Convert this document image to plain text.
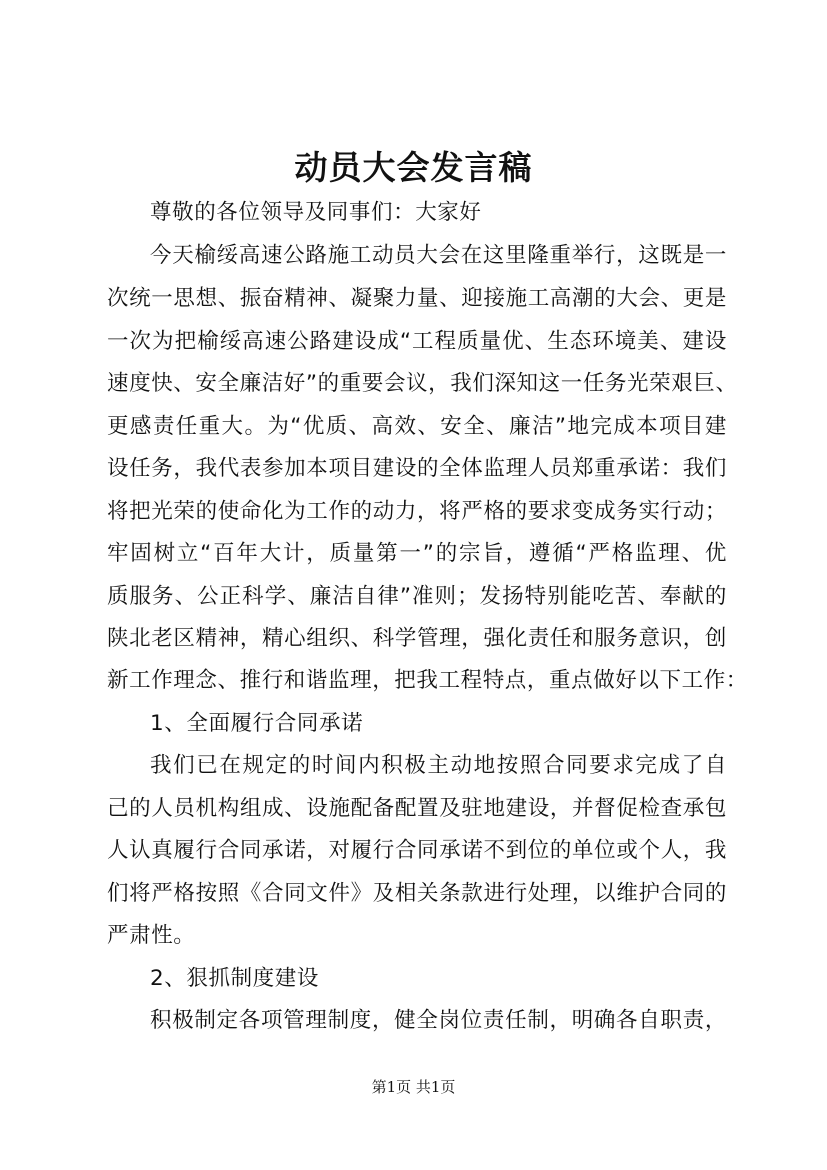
动员大会发言稿
尊敬的各位领导及同事们：大家好
今天榆绥高速公路施工动员大会在这里隆重举行，这既是一
次统一思想、振奋精神、凝聚力量、迎接施工高潮的大会、更是
一次为把榆绥高速公路建设成“工程质量优、生态环境美、建设
速度快、安全廉洁好”的重要会议，我们深知这一任务光荣艰巨、
更感责任重大。为“优质、高效、安全、廉洁”地完成本项目建
设任务，我代表参加本项目建设的全体监理人员郑重承诺：我们
将把光荣的使命化为工作的动力，将严格的要求变成务实行动；
牢固树立“百年大计，质量第一”的宗旨，遵循“严格监理、优
质服务、公正科学、廉洁自律”准则；发扬特别能吃苦、奉献的
陕北老区精神，精心组织、科学管理，强化责任和服务意识，创
新工作理念、推行和谐监理，把我工程特点，重点做好以下工作：
1、全面履行合同承诺
我们已在规定的时间内积极主动地按照合同要求完成了自
己的人员机构组成、设施配备配置及驻地建设，并督促检查承包
人认真履行合同承诺，对履行合同承诺不到位的单位或个人，我
们将严格按照《合同文件》及相关条款进行处理，以维护合同的
严肃性。
2、狠抓制度建设
积极制定各项管理制度，健全岗位责任制，明确各自职责，
第1页 共1页
